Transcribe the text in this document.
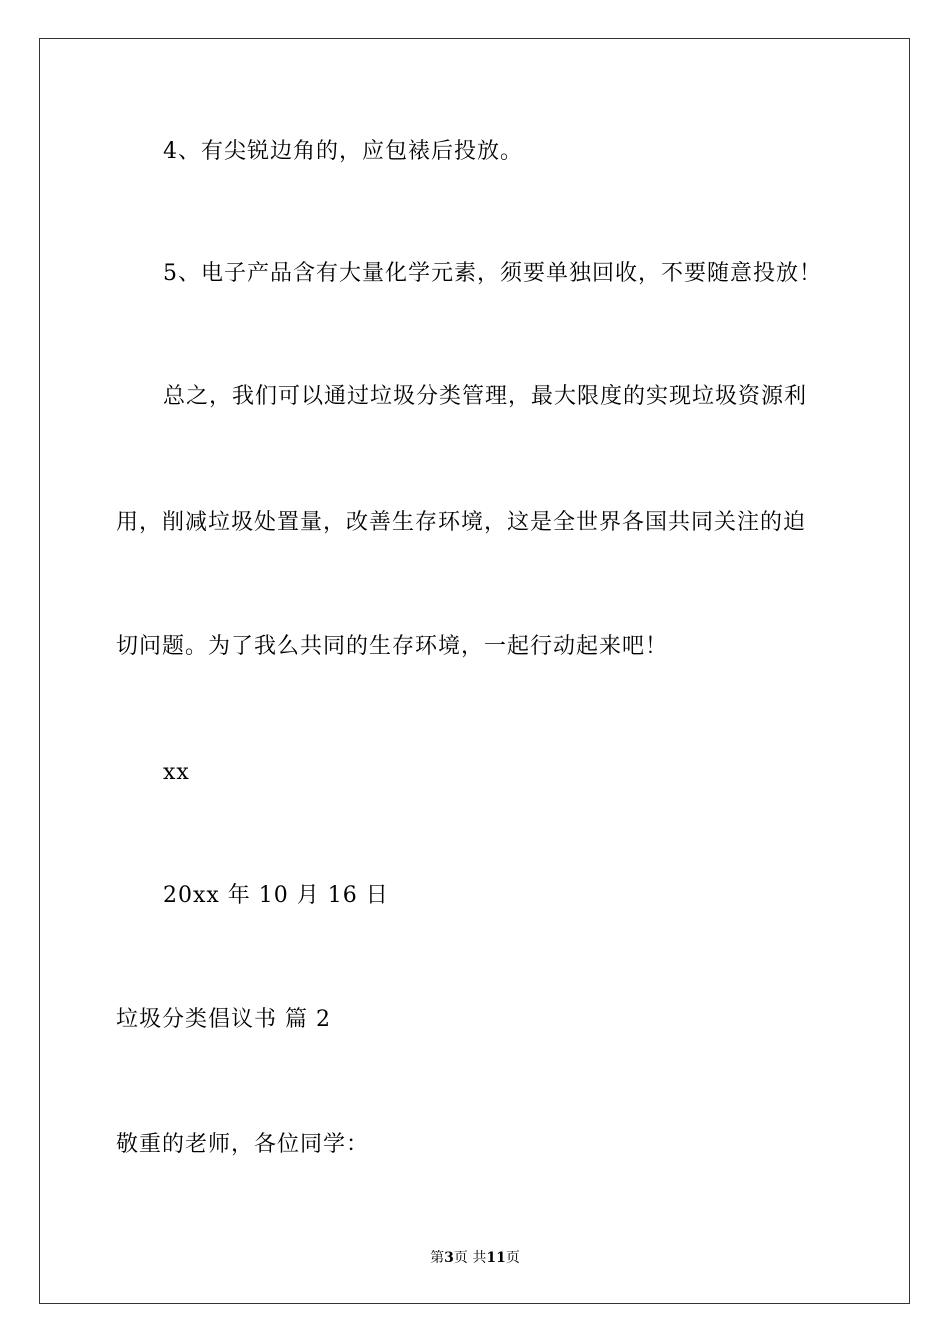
4、有尖锐边角的，应包裱后投放。
5、电子产品含有大量化学元素，须要单独回收，不要随意投放！
总之，我们可以通过垃圾分类管理，最大限度的实现垃圾资源利
用，削减垃圾处置量，改善生存环境，这是全世界各国共同关注的迫
切问题。为了我么共同的生存环境，一起行动起来吧！
xx
20xx 年 10 月 16 日
垃圾分类倡议书 篇 2
敬重的老师，各位同学：
第3页 共11页
